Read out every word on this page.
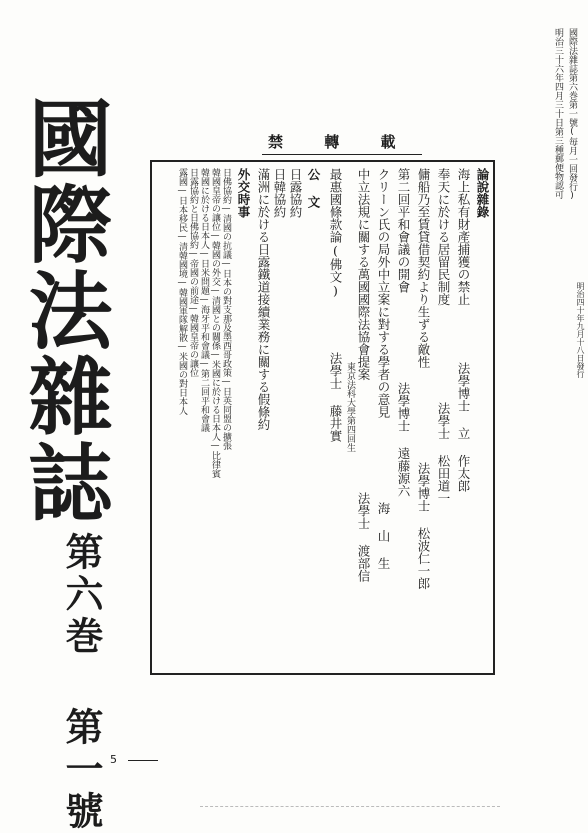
國際法雜誌
第六巻 第一號
國際法雜誌第六巻第一號(毎月一回發行)
明治三十六年四月三十日第三種郵便物認可
明治四十年九月十八日發行
禁 轉 載
論說雜錄
海上私有財產捕獲の禁止
法學博士 立 作太郎
奉天に於ける居留民制度
法學士 松田道一
傭船乃至賃貸借契約より生ずる敵性
法學博士 松波仁一郎
第二回平和會議の開會
法學博士 遠藤源六
クリーン氏の局外中立案に對する學者の意見
海 山 生
中立法規に關する萬國國際法協會提案
東京法科大學第四回生
法學士 渡部信
最惠國條款論(佛文)
法學士 藤井實
公 文
日露協約
日韓協約
滿洲に於ける日露鐵道接續業務に關する假條約
外交時事
日佛協約—清國の抗議—日本の對支那及墨西哥政策—日英同盟の擴張
韓國皇帝の讓位—韓國の外交—清國との關係—米國に於ける日本人—比律賓
韓國に於ける日本人—日米問題—海牙平和會議—第二回平和會議
日露協約と日佛協約—帝國の前途—韓國皇帝の讓位
露國—日本移民—清韓國境—韓國軍隊解散—米國の對日本人
5
